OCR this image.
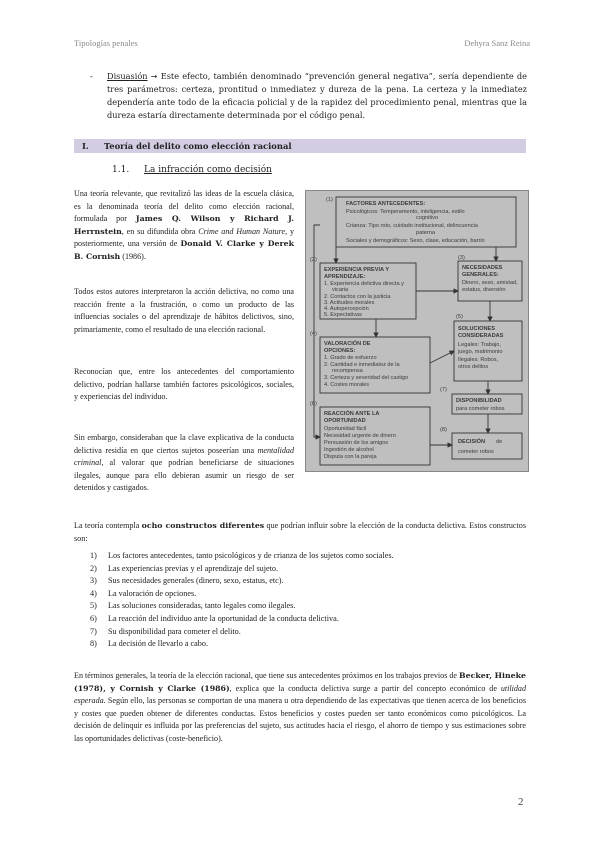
Tipologías penales	Dehyra Sanz Reina
- Disuasión ➞ Este efecto, también denominado “prevención general negativa”, sería dependiente de tres parámetros: certeza, prontitud o inmediatez y dureza de la pena. La certeza y la inmediatez dependería ante todo de la eficacia policial y de la rapidez del procedimiento penal, mientras que la dureza estaría directamente determinada por el código penal.
I. Teoría del delito como elección racional
1.1. La infracción como decisión
Una teoría relevante, que revitalizó las ideas de la escuela clásica, es la denominada teoría del delito como elección racional, formulada por James Q. Wilson y Richard J. Herrnstein, en su difundida obra Crime and Human Nature, y posteriormente, una versión de Donald V. Clarke y Derek B. Cornish (1986).
Todos estos autores interpretaron la acción delictiva, no como una reacción frente a la frustración, o como un producto de las influencias sociales o del aprendizaje de hábitos delictivos, sino, primariamente, como el resultado de una elección racional.
Reconocían que, entre los antecedentes del comportamiento delictivo, podrían hallarse también factores psicológicos, sociales, y experiencias del individuo.
Sin embargo, consideraban que la clave explicativa de la conducta delictiva residía en que ciertos sujetos poseerían una mentalidad criminal, al valorar que podrían beneficiarse de situaciones ilegales, aunque para ello debieran asumir un riesgo de ser detenidos y castigados.
(1)
FACTORES ANTECEDENTES:
Psicológicos: Temperamento, inteligencia, estilo
cognitivo
Crianza: Tipo roto, cuidado institucional, delincuencia
paterna
Sociales y demográficos: Sexo, clase, educación, barrio
(2)
EXPERIENCIA PREVIA Y
APRENDIZAJE:
1. Experiencia delictiva directa y
vicaria
2. Contactos con la justicia
3. Actitudes morales
4. Autopercepción
5. Expectativas
(3)
NECESIDADES
GENERALES:
Dinero, sexo, amistad,
estatus, diversión
(4)
VALORACIÓN DE
OPCIONES:
1. Grado de esfuerzo
2. Cantidad e inmediatez de la
recompensa
3. Certeza y severidad del castigo
4. Costes morales
(5)
SOLUCIONES
CONSIDERADAS
Legales: Trabajo,
juego, matrimonio
Ilegales: Robos,
otros delitos
(6)
REACCIÓN ANTE LA
OPORTUNIDAD
Oportunidad fácil
Necesidad urgente de dinero
Persuasión de los amigos
Ingestión de alcohol
Disputa con la pareja
(7)
DISPONIBILIDAD
para cometer robos
(8)
DECISIÓN de
cometer robos
La teoría contempla ocho constructos diferentes que podrían influir sobre la elección de la conducta delictiva. Estos constructos son:
1) Los factores antecedentes, tanto psicológicos y de crianza de los sujetos como sociales.
2) Las experiencias previas y el aprendizaje del sujeto.
3) Sus necesidades generales (dinero, sexo, estatus, etc).
4) La valoración de opciones.
5) Las soluciones consideradas, tanto legales como ilegales.
6) La reacción del individuo ante la oportunidad de la conducta delictiva.
7) Su disponibilidad para cometer el delito.
8) La decisión de llevarlo a cabo.
En términos generales, la teoría de la elección racional, que tiene sus antecedentes próximos en los trabajos previos de Becker, Hineke (1978), y Cornish y Clarke (1986), explica que la conducta delictiva surge a partir del concepto económico de utilidad esperada. Según ello, las personas se comportan de una manera u otra dependiendo de las expectativas que tienen acerca de los beneficios y costes que pueden obtener de diferentes conductas. Estos beneficios y costes pueden ser tanto económicos como psicológicos. La decisión de delinquir es influida por las preferencias del sujeto, sus actitudes hacia el riesgo, el ahorro de tiempo y sus estimaciones sobre las oportunidades delictivas (coste-beneficio).
2
